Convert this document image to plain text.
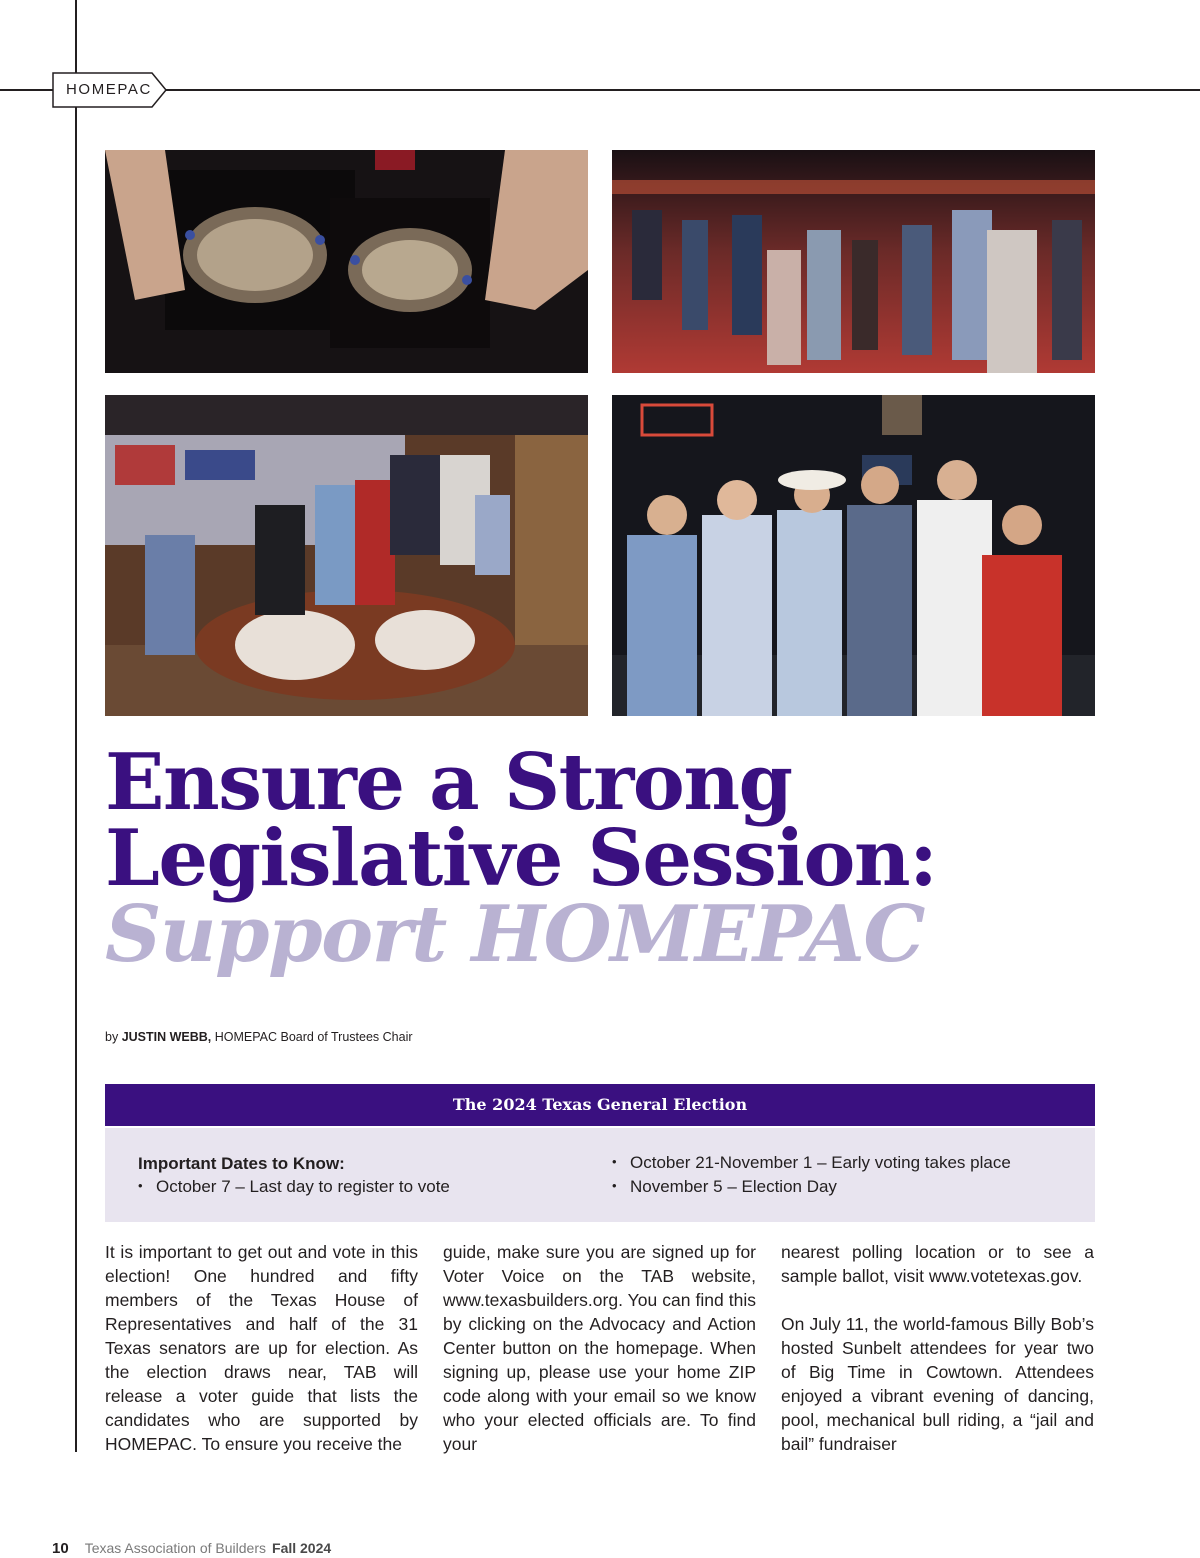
HOMEPAC
Ensure a Strong
Legislative Session:
Support HOMEPAC
by JUSTIN WEBB, HOMEPAC Board of Trustees Chair
The 2024 Texas General Election
Important Dates to Know:
• October 7 – Last day to register to vote
• October 21-November 1 – Early voting takes place
• November 5 – Election Day

It is important to get out and vote in this election! One hundred and fifty members of the Texas House of Representatives and half of the 31 Texas senators are up for election. As the election draws near, TAB will release a voter guide that lists the candidates who are supported by HOMEPAC. To ensure you receive the

guide, make sure you are signed up for Voter Voice on the TAB website, www.texasbuilders.org. You can find this by clicking on the Advocacy and Action Center button on the homepage. When signing up, please use your home ZIP code along with your email so we know who your elected officials are. To find your

nearest polling location or to see a sample ballot, visit www.votetexas.gov.

On July 11, the world-famous Billy Bob’s hosted Sunbelt attendees for year two of Big Time in Cowtown. Attendees enjoyed a vibrant evening of dancing, pool, mechanical bull riding, a “jail and bail” fundraiser

10 Texas Association of Builders Fall 2024
